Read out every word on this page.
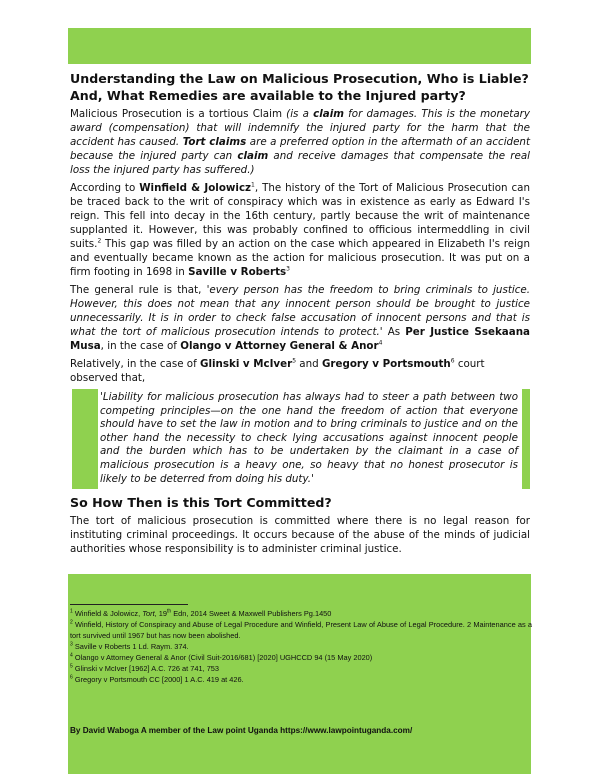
Understanding the Law on Malicious Prosecution, Who is Liable? And, What Remedies are available to the Injured party?

Malicious Prosecution is a tortious Claim (is a claim for damages. This is the monetary award (compensation) that will indemnify the injured party for the harm that the accident has caused. Tort claims are a preferred option in the aftermath of an accident because the injured party can claim and receive damages that compensate the real loss the injured party has suffered.)

According to Winfield & Jolowicz$^1$, The history of the Tort of Malicious Prosecution can be traced back to the writ of conspiracy which was in existence as early as Edward I's reign. This fell into decay in the 16th century, partly because the writ of maintenance supplanted it. However, this was probably confined to officious intermeddling in civil suits.$^2$ This gap was filled by an action on the case which appeared in Elizabeth I's reign and eventually became known as the action for malicious prosecution. It was put on a firm footing in 1698 in Saville v Roberts$^3$

The general rule is that, 'every person has the freedom to bring criminals to justice. However, this does not mean that any innocent person should be brought to justice unnecessarily. It is in order to check false accusation of innocent persons and that is what the tort of malicious prosecution intends to protect.' As Per Justice Ssekaana Musa, in the case of Olango v Attorney General & Anor$^4$

Relatively, in the case of Glinski v McIver$^5$ and Gregory v Portsmouth$^6$ court observed that,

'Liability for malicious prosecution has always had to steer a path between two competing principles—on the one hand the freedom of action that everyone should have to set the law in motion and to bring criminals to justice and on the other hand the necessity to check lying accusations against innocent people and the burden which has to be undertaken by the claimant in a case of malicious prosecution is a heavy one, so heavy that no honest prosecutor is likely to be deterred from doing his duty.'

So How Then is this Tort Committed?

The tort of malicious prosecution is committed where there is no legal reason for instituting criminal proceedings. It occurs because of the abuse of the minds of judicial authorities whose responsibility is to administer criminal justice.

$^1$ Winfield & Jolowicz, Tort, 19th Edn, 2014 Sweet & Maxwell Publishers Pg.1450

$^2$ Winfield, History of Conspiracy and Abuse of Legal Procedure and Winfield, Present Law of Abuse of Legal Procedure. 2 Maintenance as a tort survived until 1967 but has now been abolished.

$^3$ Saville v Roberts 1 Ld. Raym. 374.

$^4$ Olango v Attorney General & Anor (Civil Suit-2016/681) [2020] UGHCCD 94 (15 May 2020)

$^5$ Glinski v McIver [1962] A.C. 726 at 741, 753

$^6$ Gregory v Portsmouth CC [2000] 1 A.C. 419 at 426.

By David Waboga A member of the Law point Uganda https://www.lawpointuganda.com/
